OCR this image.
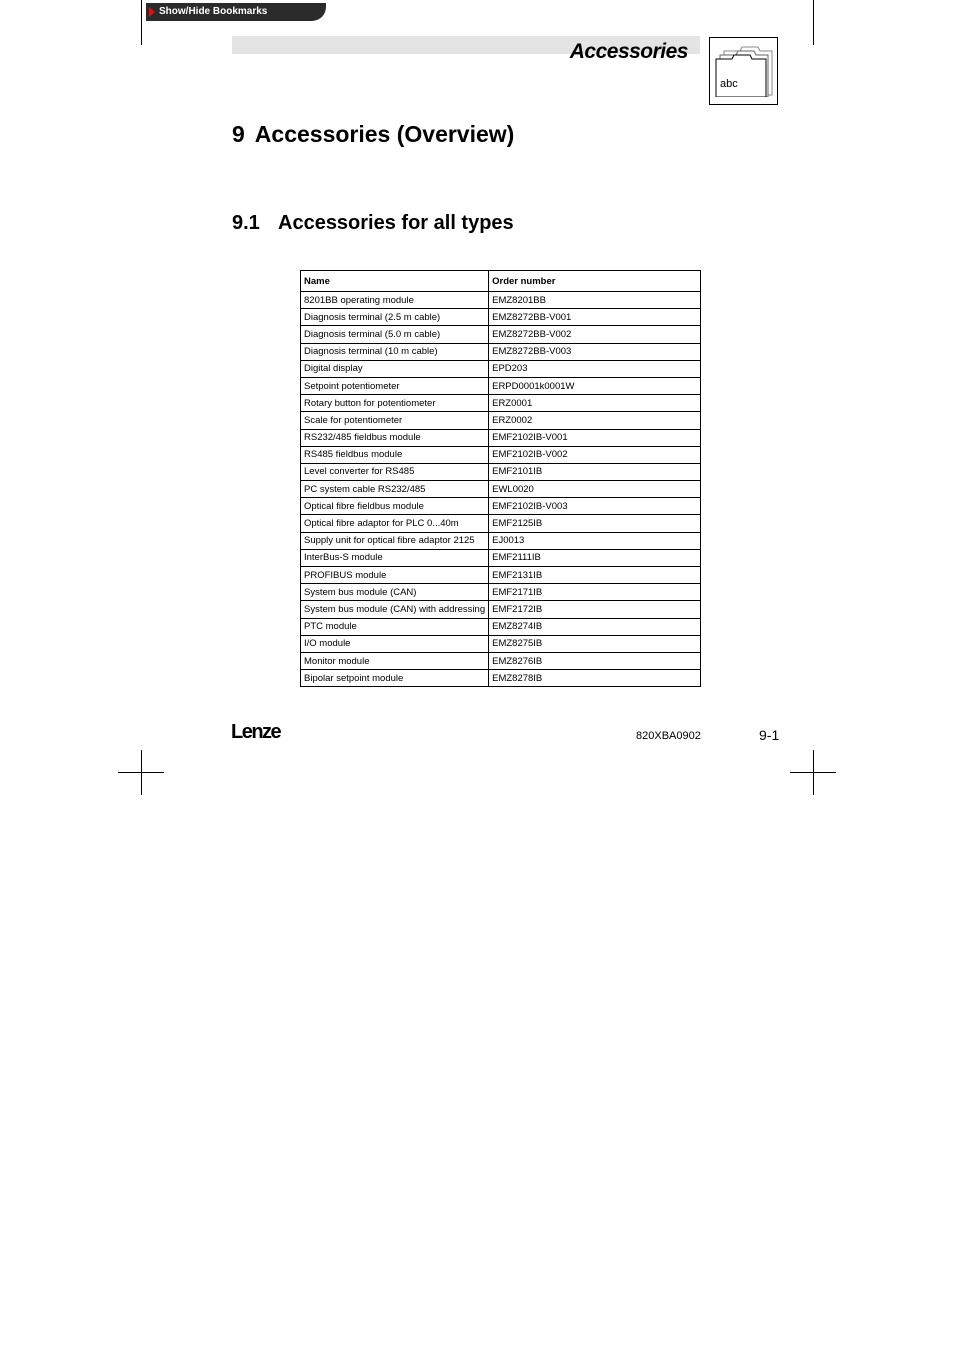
Show/Hide Bookmarks
Accessories
abc
9 Accessories (Overview)
9.1 Accessories for all types
Name	Order number
8201BB operating module	EMZ8201BB
Diagnosis terminal (2.5 m cable)	EMZ8272BB-V001
Diagnosis terminal (5.0 m cable)	EMZ8272BB-V002
Diagnosis terminal (10 m cable)	EMZ8272BB-V003
Digital display	EPD203
Setpoint potentiometer	ERPD0001k0001W
Rotary button for potentiometer	ERZ0001
Scale for potentiometer	ERZ0002
RS232/485 fieldbus module	EMF2102IB-V001
RS485 fieldbus module	EMF2102IB-V002
Level converter for RS485	EMF2101IB
PC system cable RS232/485	EWL0020
Optical fibre fieldbus module	EMF2102IB-V003
Optical fibre adaptor for PLC 0...40m	EMF2125IB
Supply unit for optical fibre adaptor 2125	EJ0013
InterBus-S module	EMF2111IB
PROFIBUS module	EMF2131IB
System bus module (CAN)	EMF2171IB
System bus module (CAN) with addressing	EMF2172IB
PTC module	EMZ8274IB
I/O module	EMZ8275IB
Monitor module	EMZ8276IB
Bipolar setpoint module	EMZ8278IB
Lenze	820XBA0902	9-1
